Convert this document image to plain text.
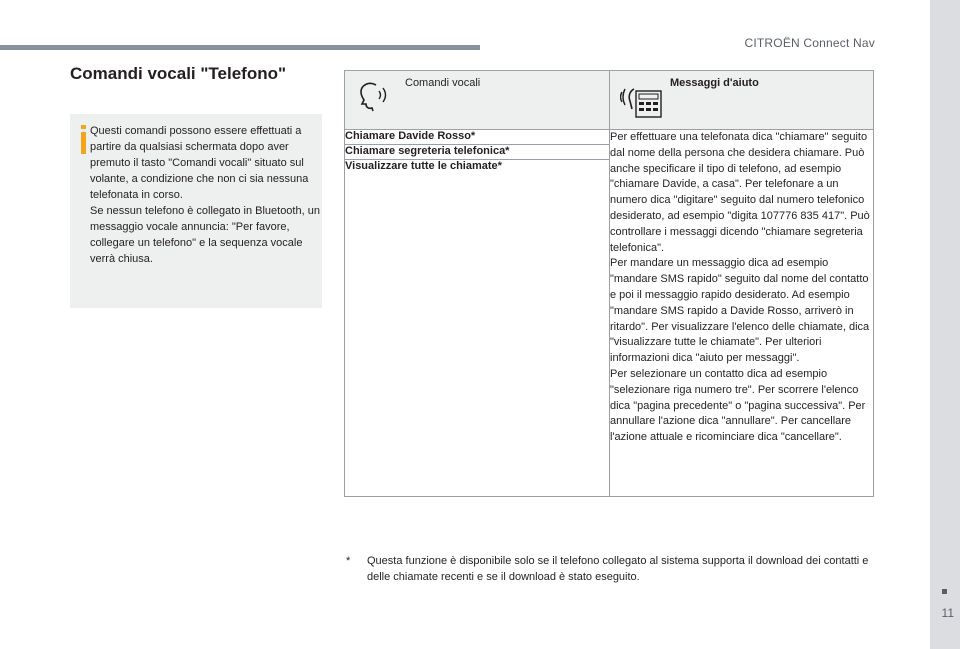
CITROËN Connect Nav
11
Comandi vocali "Telefono"
Questi comandi possono essere effettuati a partire da qualsiasi schermata dopo aver premuto il tasto "Comandi vocali" situato sul volante, a condizione che non ci sia nessuna telefonata in corso.
Se nessun telefono è collegato in Bluetooth, un messaggio vocale annuncia: "Per favore, collegare un telefono" e la sequenza vocale verrà chiusa.
Comandi vocali	Messaggi d'aiuto

Chiamare Davide Rosso*	Per effettuare una telefonata dica "chiamare" seguito dal nome della persona che desidera chiamare. Può anche specificare il tipo di telefono, ad esempio "chiamare Davide, a casa". Per telefonare a un numero dica "digitare" seguito dal numero telefonico desiderato, ad esempio "digita 107776 835 417". Può controllare i messaggi dicendo "chiamare segreteria telefonica".
Per mandare un messaggio dica ad esempio "mandare SMS rapido" seguito dal nome del contatto e poi il messaggio rapido desiderato. Ad esempio "mandare SMS rapido a Davide Rosso, arriverò in ritardo". Per visualizzare l'elenco delle chiamate, dica "visualizzare tutte le chiamate". Per ulteriori informazioni dica "aiuto per messaggi".
Per selezionare un contatto dica ad esempio "selezionare riga numero tre". Per scorrere l'elenco dica "pagina precedente" o "pagina successiva". Per annullare l'azione dica "annullare". Per cancellare l'azione attuale e ricominciare dica "cancellare".
Chiamare segreteria telefonica*	
Visualizzare tutte le chiamate*	
* Questa funzione è disponibile solo se il telefono collegato al sistema supporta il download dei contatti e delle chiamate recenti e se il download è stato eseguito.
